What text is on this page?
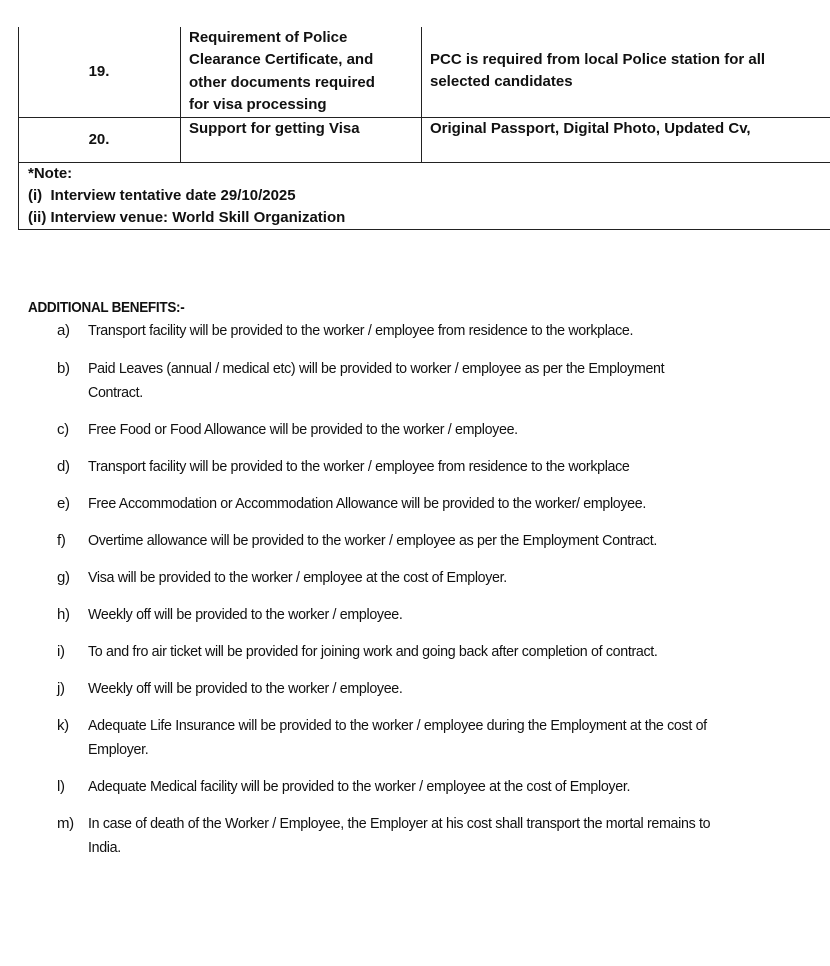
19.
Requirement of Police
Clearance Certificate, and
other documents required
for visa processing
PCC is required from local Police station for all
selected candidates
20.
Support for getting Visa	Original Passport, Digital Photo, Updated Cv,
*Note:
(i)  Interview tentative date 29/10/2025
(ii) Interview venue: World Skill Organization
ADDITIONAL BENEFITS:-
a) Transport facility will be provided to the worker / employee from residence to the workplace.
b) Paid Leaves (annual / medical etc) will be provided to worker / employee as per the Employment Contract.
c) Free Food or Food Allowance will be provided to the worker / employee.
d) Transport facility will be provided to the worker / employee from residence to the workplace
e) Free Accommodation or Accommodation Allowance will be provided to the worker/ employee.
f) Overtime allowance will be provided to the worker / employee as per the Employment Contract.
g) Visa will be provided to the worker / employee at the cost of Employer.
h) Weekly off will be provided to the worker / employee.
i) To and fro air ticket will be provided for joining work and going back after completion of contract.
j) Weekly off will be provided to the worker / employee.
k) Adequate Life Insurance will be provided to the worker / employee during the Employment at the cost of Employer.
l) Adequate Medical facility will be provided to the worker / employee at the cost of Employer.
m) In case of death of the Worker / Employee, the Employer at his cost shall transport the mortal remains to India.
